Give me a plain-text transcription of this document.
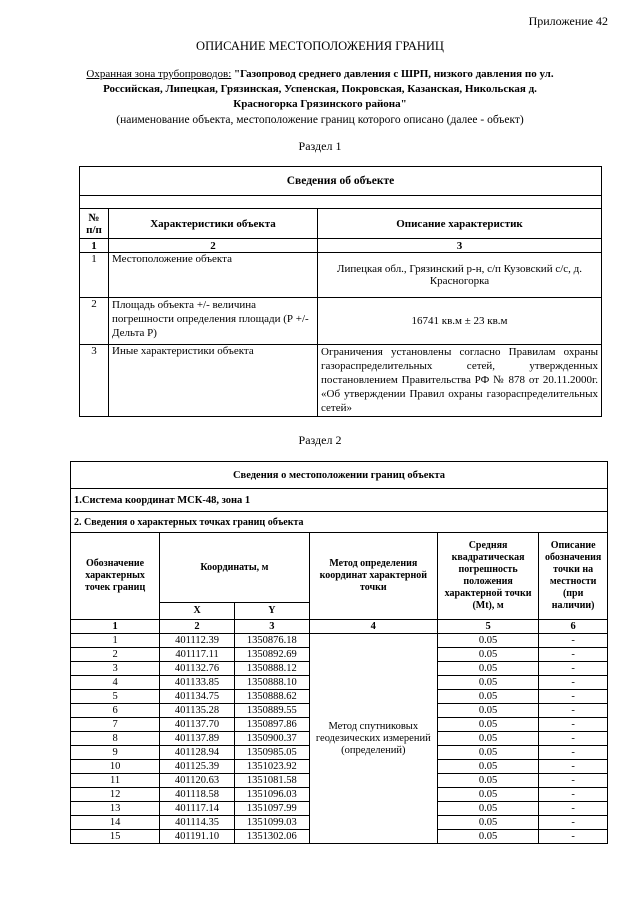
Приложение 42
ОПИСАНИЕ МЕСТОПОЛОЖЕНИЯ ГРАНИЦ
Охранная зона трубопроводов: "Газопровод среднего давления с ШРП, низкого давления по ул. Российская, Липецкая, Грязинская, Успенская, Покровская, Казанская, Никольская д. Красногорка Грязинского района"
(наименование объекта, местоположение границ которого описано (далее - объект)
Раздел 1
Сведения об объекте		

№ п/п	Характеристики объекта	Описание характеристик
1	2	3
1	Местоположение объекта	Липецкая обл., Грязинский р-н, с/п Кузовский с/с, д. Красногорка
2	Площадь объекта +/- величина погрешности определения площади (Р +/- Дельта Р)	16741 кв.м ± 23 кв.м
3	Иные характеристики объекта	Ограничения установлены согласно Правилам охраны газораспределительных сетей, утвержденных постановлением Правительства РФ № 878 от 20.11.2000г. «Об утверждении Правил охраны газораспределительных сетей»
Раздел 2
Сведения о местоположении границ объекта					
1.Система координат МСК-48, зона 1					
2. Сведения о характерных точках границ объекта					
Обозначение характерных точек границ	Координаты, м		Метод определения координат характерной точки	Средняя квадратическая погрешность положения характерной точки (Mt), м	Описание обозначения точки на местности (при наличии)
	X	Y			
1	2	3	4	5	6
1	401112.39	1350876.18	Метод спутниковых геодезических измерений (определений)	0.05	-
2	401117.11	1350892.69		0.05	-
3	401132.76	1350888.12		0.05	-
4	401133.85	1350888.10		0.05	-
5	401134.75	1350888.62		0.05	-
6	401135.28	1350889.55		0.05	-
7	401137.70	1350897.86		0.05	-
8	401137.89	1350900.37		0.05	-
9	401128.94	1350985.05		0.05	-
10	401125.39	1351023.92		0.05	-
11	401120.63	1351081.58		0.05	-
12	401118.58	1351096.03		0.05	-
13	401117.14	1351097.99		0.05	-
14	401114.35	1351099.03		0.05	-
15	401191.10	1351302.06		0.05	-
